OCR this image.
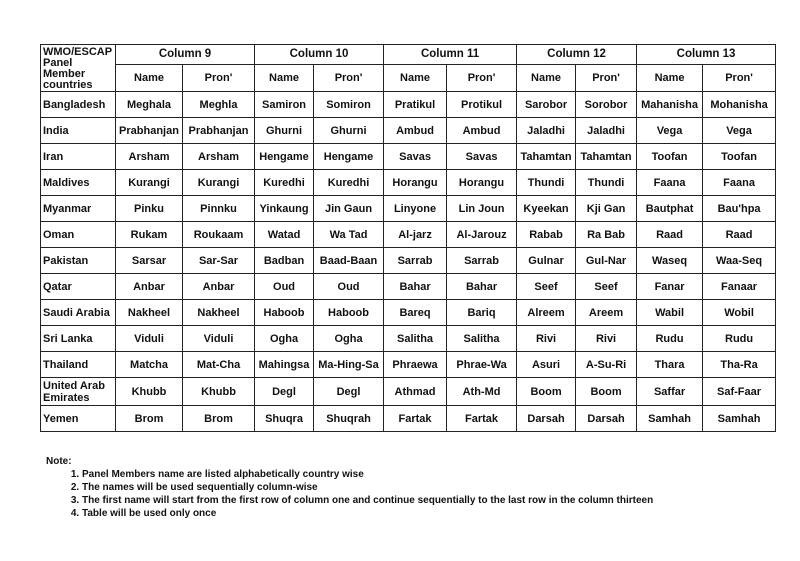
WMO/ESCAP
Panel
Member
countries	Column 9		Column 10		Column 11		Column 12		Column 13	
	Name	Pron'	Name	Pron'	Name	Pron'	Name	Pron'	Name	Pron'
Bangladesh	Meghala	Meghla	Samiron	Somiron	Pratikul	Protikul	Sarobor	Sorobor	Mahanisha	Mohanisha
India	Prabhanjan	Prabhanjan	Ghurni	Ghurni	Ambud	Ambud	Jaladhi	Jaladhi	Vega	Vega
Iran	Arsham	Arsham	Hengame	Hengame	Savas	Savas	Tahamtan	Tahamtan	Toofan	Toofan
Maldives	Kurangi	Kurangi	Kuredhi	Kuredhi	Horangu	Horangu	Thundi	Thundi	Faana	Faana
Myanmar	Pinku	Pinnku	Yinkaung	Jin Gaun	Linyone	Lin Joun	Kyeekan	Kji Gan	Bautphat	Bau'hpa
Oman	Rukam	Roukaam	Watad	Wa Tad	Al-jarz	Al-Jarouz	Rabab	Ra Bab	Raad	Raad
Pakistan	Sarsar	Sar-Sar	Badban	Baad-Baan	Sarrab	Sarrab	Gulnar	Gul-Nar	Waseq	Waa-Seq
Qatar	Anbar	Anbar	Oud	Oud	Bahar	Bahar	Seef	Seef	Fanar	Fanaar
Saudi Arabia	Nakheel	Nakheel	Haboob	Haboob	Bareq	Bariq	Alreem	Areem	Wabil	Wobil
Sri Lanka	Viduli	Viduli	Ogha	Ogha	Salitha	Salitha	Rivi	Rivi	Rudu	Rudu
Thailand	Matcha	Mat-Cha	Mahingsa	Ma-Hing-Sa	Phraewa	Phrae-Wa	Asuri	A-Su-Ri	Thara	Tha-Ra
United Arab Emirates	Khubb	Khubb	Degl	Degl	Athmad	Ath-Md	Boom	Boom	Saffar	Saf-Faar
Yemen	Brom	Brom	Shuqra	Shuqrah	Fartak	Fartak	Darsah	Darsah	Samhah	Samhah
Note:
1. Panel Members name are listed alphabetically country wise
2. The names will be used sequentially column-wise
3. The first name will start from the first row of column one and continue sequentially to the last row in the column thirteen
4. Table will be used only once
